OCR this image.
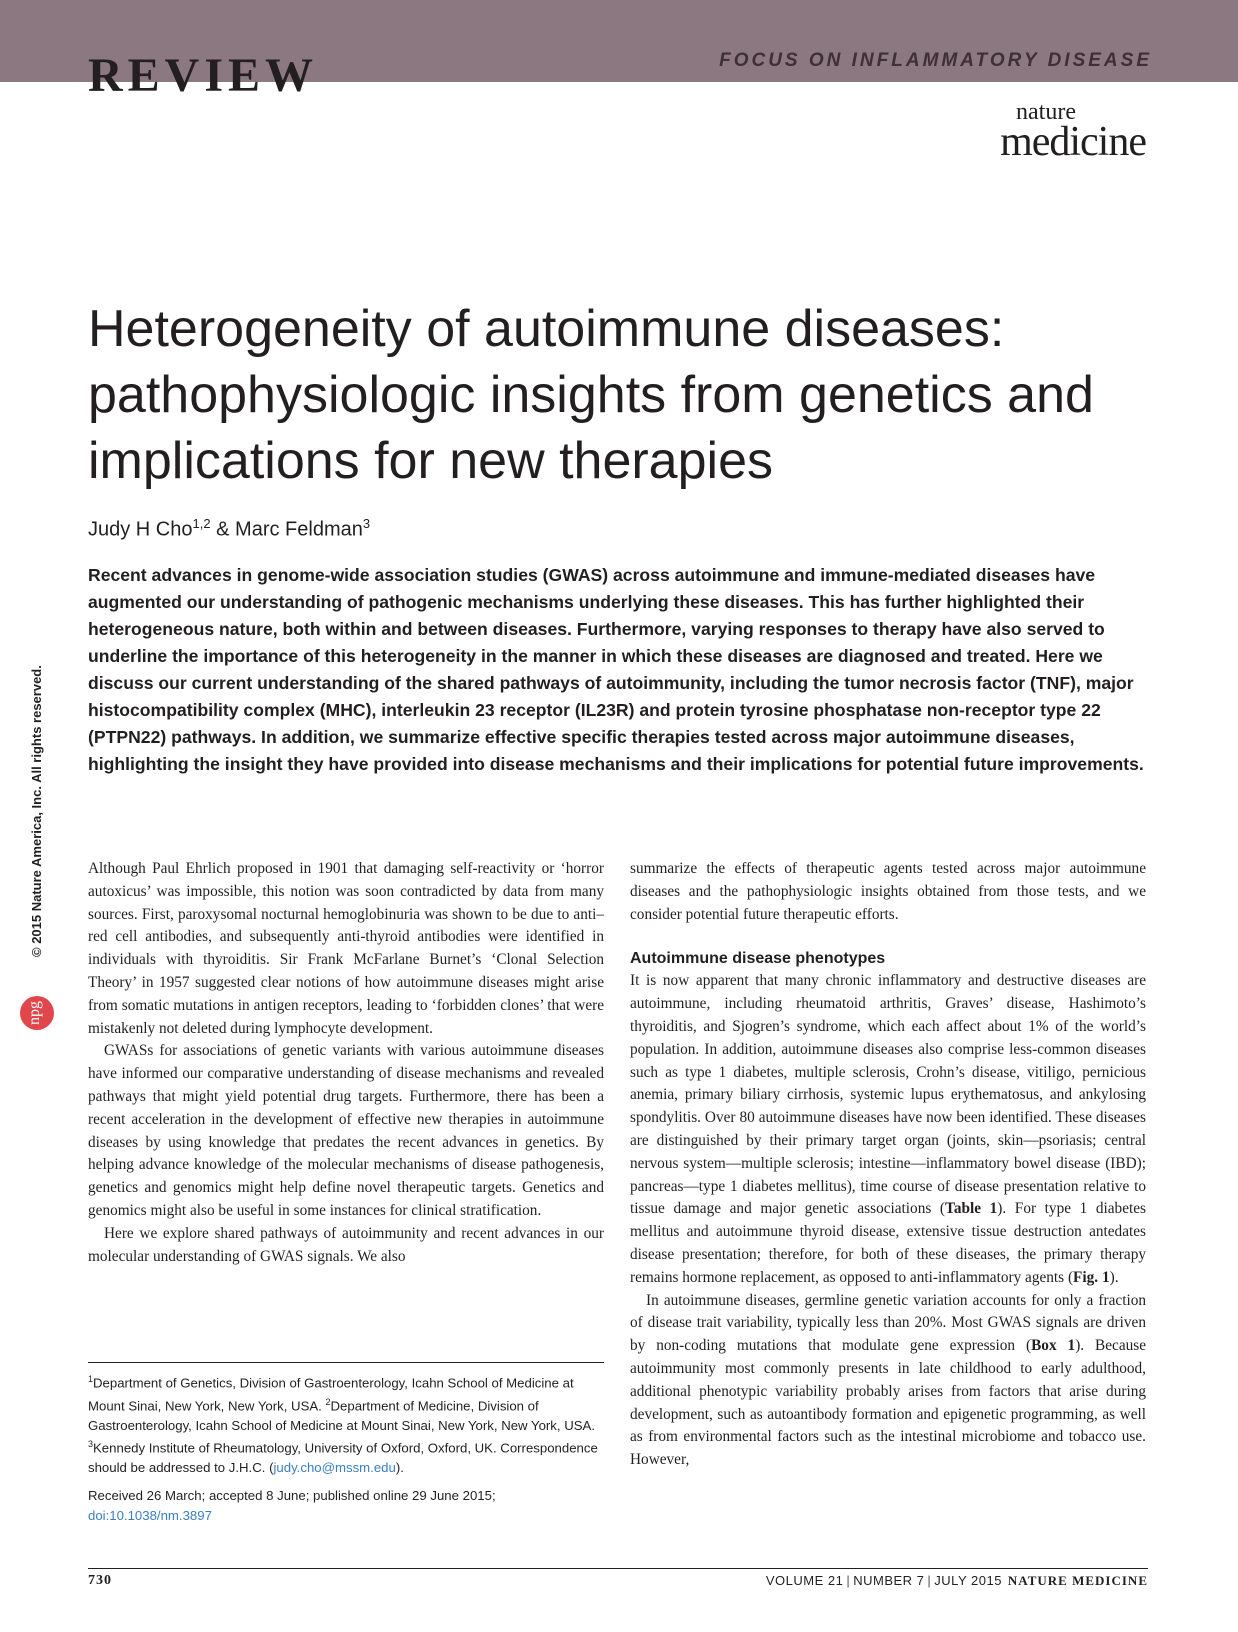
REVIEW	FOCUS ON INFLAMMATORY DISEASE
nature
medicine
© 2015 Nature America, Inc. All rights reserved.
npg
Heterogeneity of autoimmune diseases: pathophysiologic insights from genetics and implications for new therapies
Judy H Cho$^{1,2}$ & Marc Feldman$^3$
Recent advances in genome-wide association studies (GWAS) across autoimmune and immune-mediated diseases have augmented our understanding of pathogenic mechanisms underlying these diseases. This has further highlighted their heterogeneous nature, both within and between diseases. Furthermore, varying responses to therapy have also served to underline the importance of this heterogeneity in the manner in which these diseases are diagnosed and treated. Here we discuss our current understanding of the shared pathways of autoimmunity, including the tumor necrosis factor (TNF), major histocompatibility complex (MHC), interleukin 23 receptor (IL23R) and protein tyrosine phosphatase non-receptor type 22 (PTPN22) pathways. In addition, we summarize effective specific therapies tested across major autoimmune diseases, highlighting the insight they have provided into disease mechanisms and their implications for potential future improvements.

Although Paul Ehrlich proposed in 1901 that damaging self-reactivity or ‘horror autoxicus’ was impossible, this notion was soon contradicted by data from many sources. First, paroxysomal nocturnal hemoglobinuria was shown to be due to anti–red cell antibodies, and subsequently anti-thyroid antibodies were identified in individuals with thyroiditis. Sir Frank McFarlane Burnet’s ‘Clonal Selection Theory’ in 1957 suggested clear notions of how autoimmune diseases might arise from somatic mutations in antigen receptors, leading to ‘forbidden clones’ that were mistakenly not deleted during lymphocyte development.

GWASs for associations of genetic variants with various autoimmune diseases have informed our comparative understanding of disease mechanisms and revealed pathways that might yield potential drug targets. Furthermore, there has been a recent acceleration in the development of effective new therapies in autoimmune diseases by using knowledge that predates the recent advances in genetics. By helping advance knowledge of the molecular mechanisms of disease pathogenesis, genetics and genomics might help define novel therapeutic targets. Genetics and genomics might also be useful in some instances for clinical stratification.

Here we explore shared pathways of autoimmunity and recent advances in our molecular understanding of GWAS signals. We also

summarize the effects of therapeutic agents tested across major autoimmune diseases and the pathophysiologic insights obtained from those tests, and we consider potential future therapeutic efforts.

Autoimmune disease phenotypes

It is now apparent that many chronic inflammatory and destructive diseases are autoimmune, including rheumatoid arthritis, Graves’ disease, Hashimoto’s thyroiditis, and Sjogren’s syndrome, which each affect about 1% of the world’s population. In addition, autoimmune diseases also comprise less-common diseases such as type 1 diabetes, multiple sclerosis, Crohn’s disease, vitiligo, pernicious anemia, primary biliary cirrhosis, systemic lupus erythematosus, and ankylosing spondylitis. Over 80 autoimmune diseases have now been identified. These diseases are distinguished by their primary target organ (joints, skin—psoriasis; central nervous system—multiple sclerosis; intestine—inflammatory bowel disease (IBD); pancreas—type 1 diabetes mellitus), time course of disease presentation relative to tissue damage and major genetic associations (Table 1). For type 1 diabetes mellitus and autoimmune thyroid disease, extensive tissue destruction antedates disease presentation; therefore, for both of these diseases, the primary therapy remains hormone replacement, as opposed to anti-inflammatory agents (Fig. 1).

In autoimmune diseases, germline genetic variation accounts for only a fraction of disease trait variability, typically less than 20%. Most GWAS signals are driven by non-coding mutations that modulate gene expression (Box 1). Because autoimmunity most commonly presents in late childhood to early adulthood, additional phenotypic variability probably arises from factors that arise during development, such as autoantibody formation and epigenetic programming, as well as from environmental factors such as the intestinal microbiome and tobacco use. However,

$^1$Department of Genetics, Division of Gastroenterology, Icahn School of Medicine at Mount Sinai, New York, New York, USA. $^2$Department of Medicine, Division of Gastroenterology, Icahn School of Medicine at Mount Sinai, New York, New York, USA. $^3$Kennedy Institute of Rheumatology, University of Oxford, Oxford, UK. Correspondence should be addressed to J.H.C. (judy.cho@mssm.edu).
Received 26 March; accepted 8 June; published online 29 June 2015; doi:10.1038/nm.3897
730	VOLUME 21 | NUMBER 7 | JULY 2015 NATURE MEDICINE
